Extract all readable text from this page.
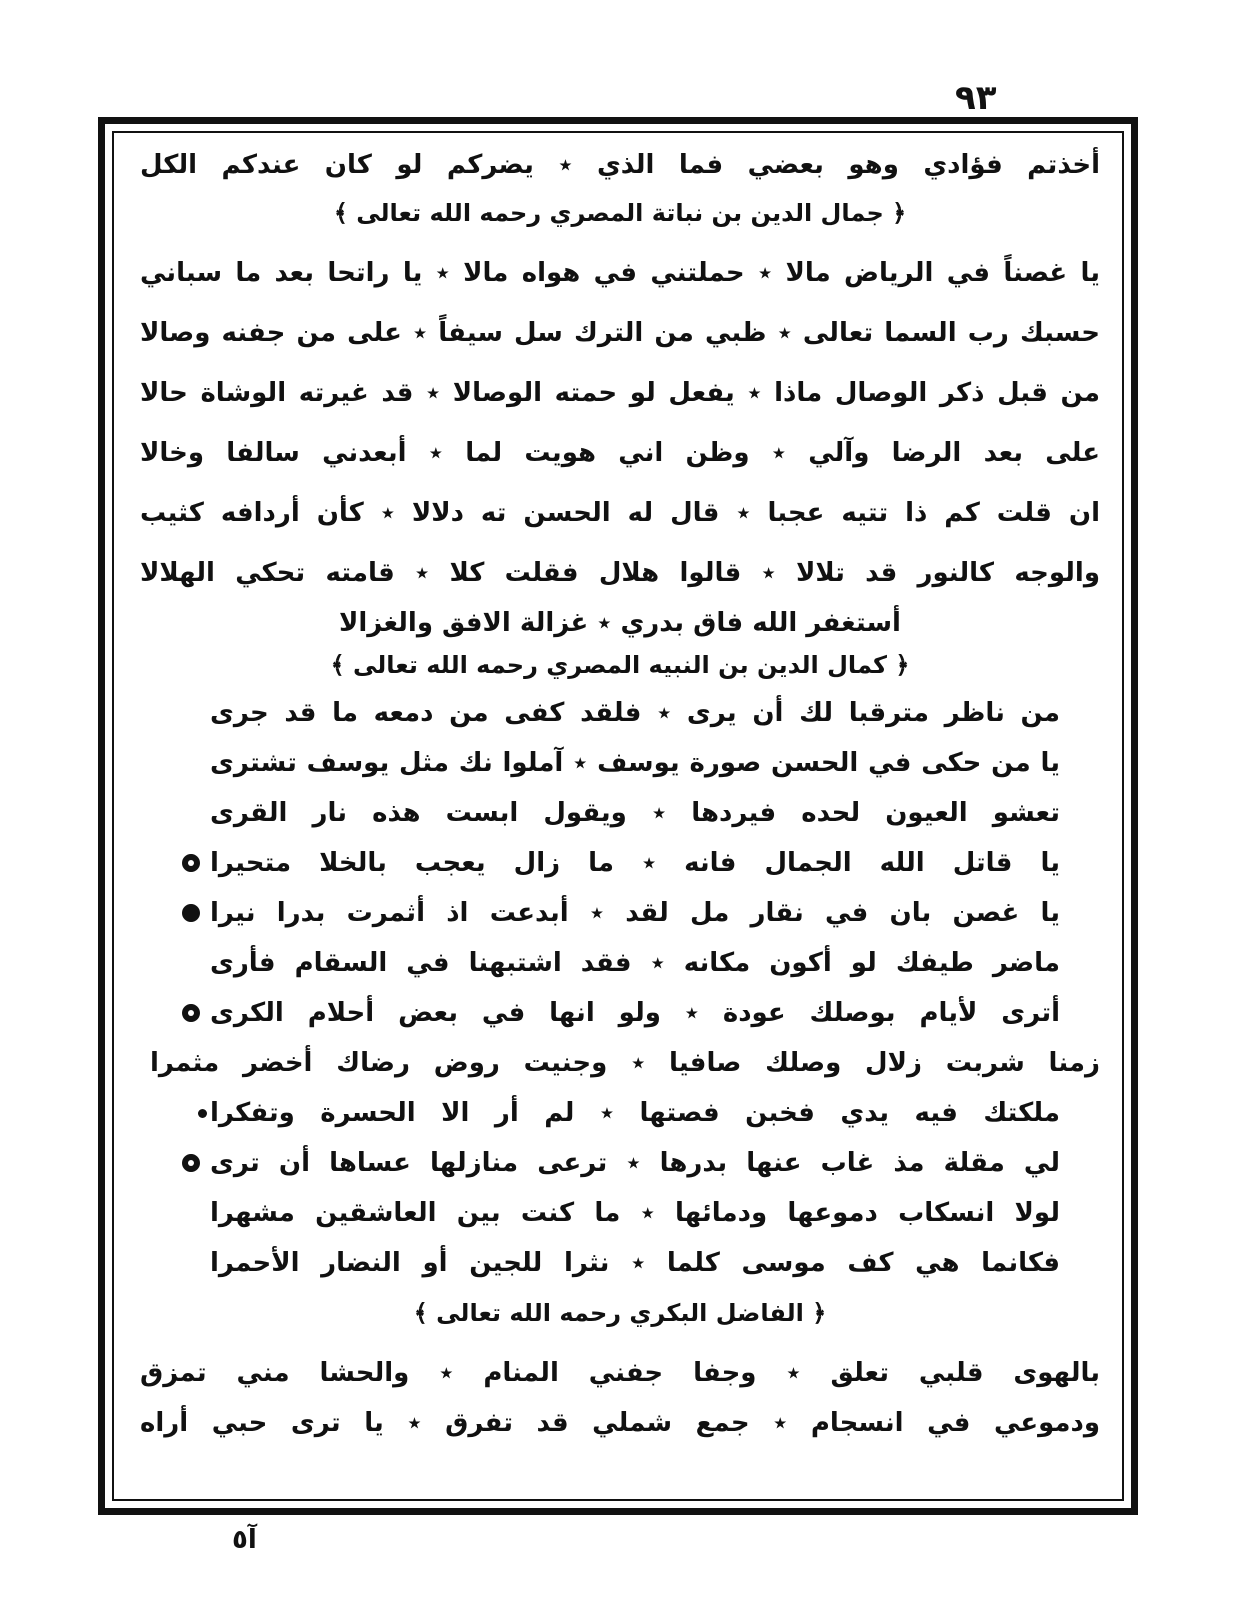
٩٣
أخذتم فؤادي وهو بعضي فما الذي ٭ يضركم لو كان عندكم الكل
﴿ جمال الدين بن نباتة المصري رحمه الله تعالى ﴾
يا غصناً في الرياض مالا ٭ حملتني في هواه مالا ٭ يا راتحا بعد ما سباني
حسبك رب السما تعالى ٭ ظبي من الترك سل سيفاً ٭ على من جفنه وصالا
من قبل ذكر الوصال ماذا ٭ يفعل لو حمته الوصالا ٭ قد غيرته الوشاة حالا
على بعد الرضا وآلي ٭ وظن اني هويت لما ٭ أبعدني سالفا وخالا
ان قلت كم ذا تتيه عجبا ٭ قال له الحسن ته دلالا ٭ كأن أردافه كثيب
والوجه كالنور قد تلالا ٭ قالوا هلال فقلت كلا ٭ قامته تحكي الهلالا
أستغفر الله فاق بدري ٭ غزالة الافق والغزالا
﴿ كمال الدين بن النبيه المصري رحمه الله تعالى ﴾
من ناظر مترقبا لك أن يرى ٭ فلقد كفى من دمعه ما قد جرى
يا من حكى في الحسن صورة يوسف ٭ آملوا نك مثل يوسف تشترى
تعشو العيون لحده فيردها ٭ ويقول ابست هذه نار القرى
يا قاتل الله الجمال فانه ٭ ما زال يعجب بالخلا متحيرا
يا غصن بان في نقار مل لقد ٭ أبدعت اذ أثمرت بدرا نيرا
ماضر طيفك لو أكون مكانه ٭ فقد اشتبهنا في السقام فأرى
أترى لأيام بوصلك عودة ٭ ولو انها في بعض أحلام الكرى
زمنا شربت زلال وصلك صافيا ٭ وجنيت روض رضاك أخضر مثمرا
ملكتك فيه يدي فخبن فصتها ٭ لم أر الا الحسرة وتفكرا
لي مقلة مذ غاب عنها بدرها ٭ ترعى منازلها عساها أن ترى
لولا انسكاب دموعها ودمائها ٭ ما كنت بين العاشقين مشهرا
فكانما هي كف موسى كلما ٭ نثرا للجين أو النضار الأحمرا
﴿ الفاضل البكري رحمه الله تعالى ﴾
بالهوى قلبي تعلق ٭ وجفا جفني المنام ٭ والحشا مني تمزق
ودموعي في انسجام ٭ جمع شملي قد تفرق ٭ يا ترى حبي أراه
آ٥
